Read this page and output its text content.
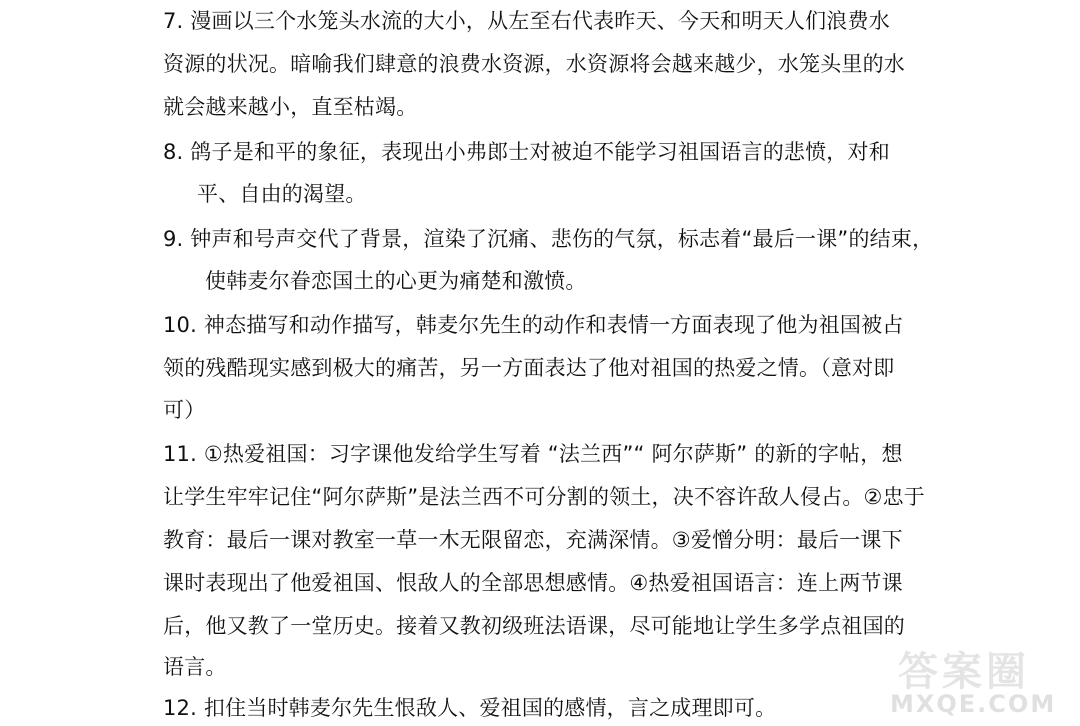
7. 漫画以三个水笼头水流的大小，从左至右代表昨天、今天和明天人们浪费水
资源的状况。暗喻我们肆意的浪费水资源，水资源将会越来越少，水笼头里的水
就会越来越小，直至枯竭。
8. 鸽子是和平的象征，表现出小弗郎士对被迫不能学习祖国语言的悲愤，对和
平、自由的渴望。
9. 钟声和号声交代了背景，渲染了沉痛、悲伤的气氛，标志着“最后一课”的结束，
使韩麦尔眷恋国土的心更为痛楚和激愤。
10. 神态描写和动作描写，韩麦尔先生的动作和表情一方面表现了他为祖国被占
领的残酷现实感到极大的痛苦，另一方面表达了他对祖国的热爱之情。（意对即
可）
11. ①热爱祖国：习字课他发给学生写着 “法兰西”“ 阿尔萨斯” 的新的字帖，想
让学生牢牢记住“阿尔萨斯”是法兰西不可分割的领土，决不容许敌人侵占。②忠于
教育：最后一课对教室一草一木无限留恋，充满深情。③爱憎分明：最后一课下
课时表现出了他爱祖国、恨敌人的全部思想感情。④热爱祖国语言：连上两节课
后，他又教了一堂历史。接着又教初级班法语课，尽可能地让学生多学点祖国的
语言。
12. 扣住当时韩麦尔先生恨敌人、爱祖国的感情，言之成理即可。
答案圈
MXQE.COM
